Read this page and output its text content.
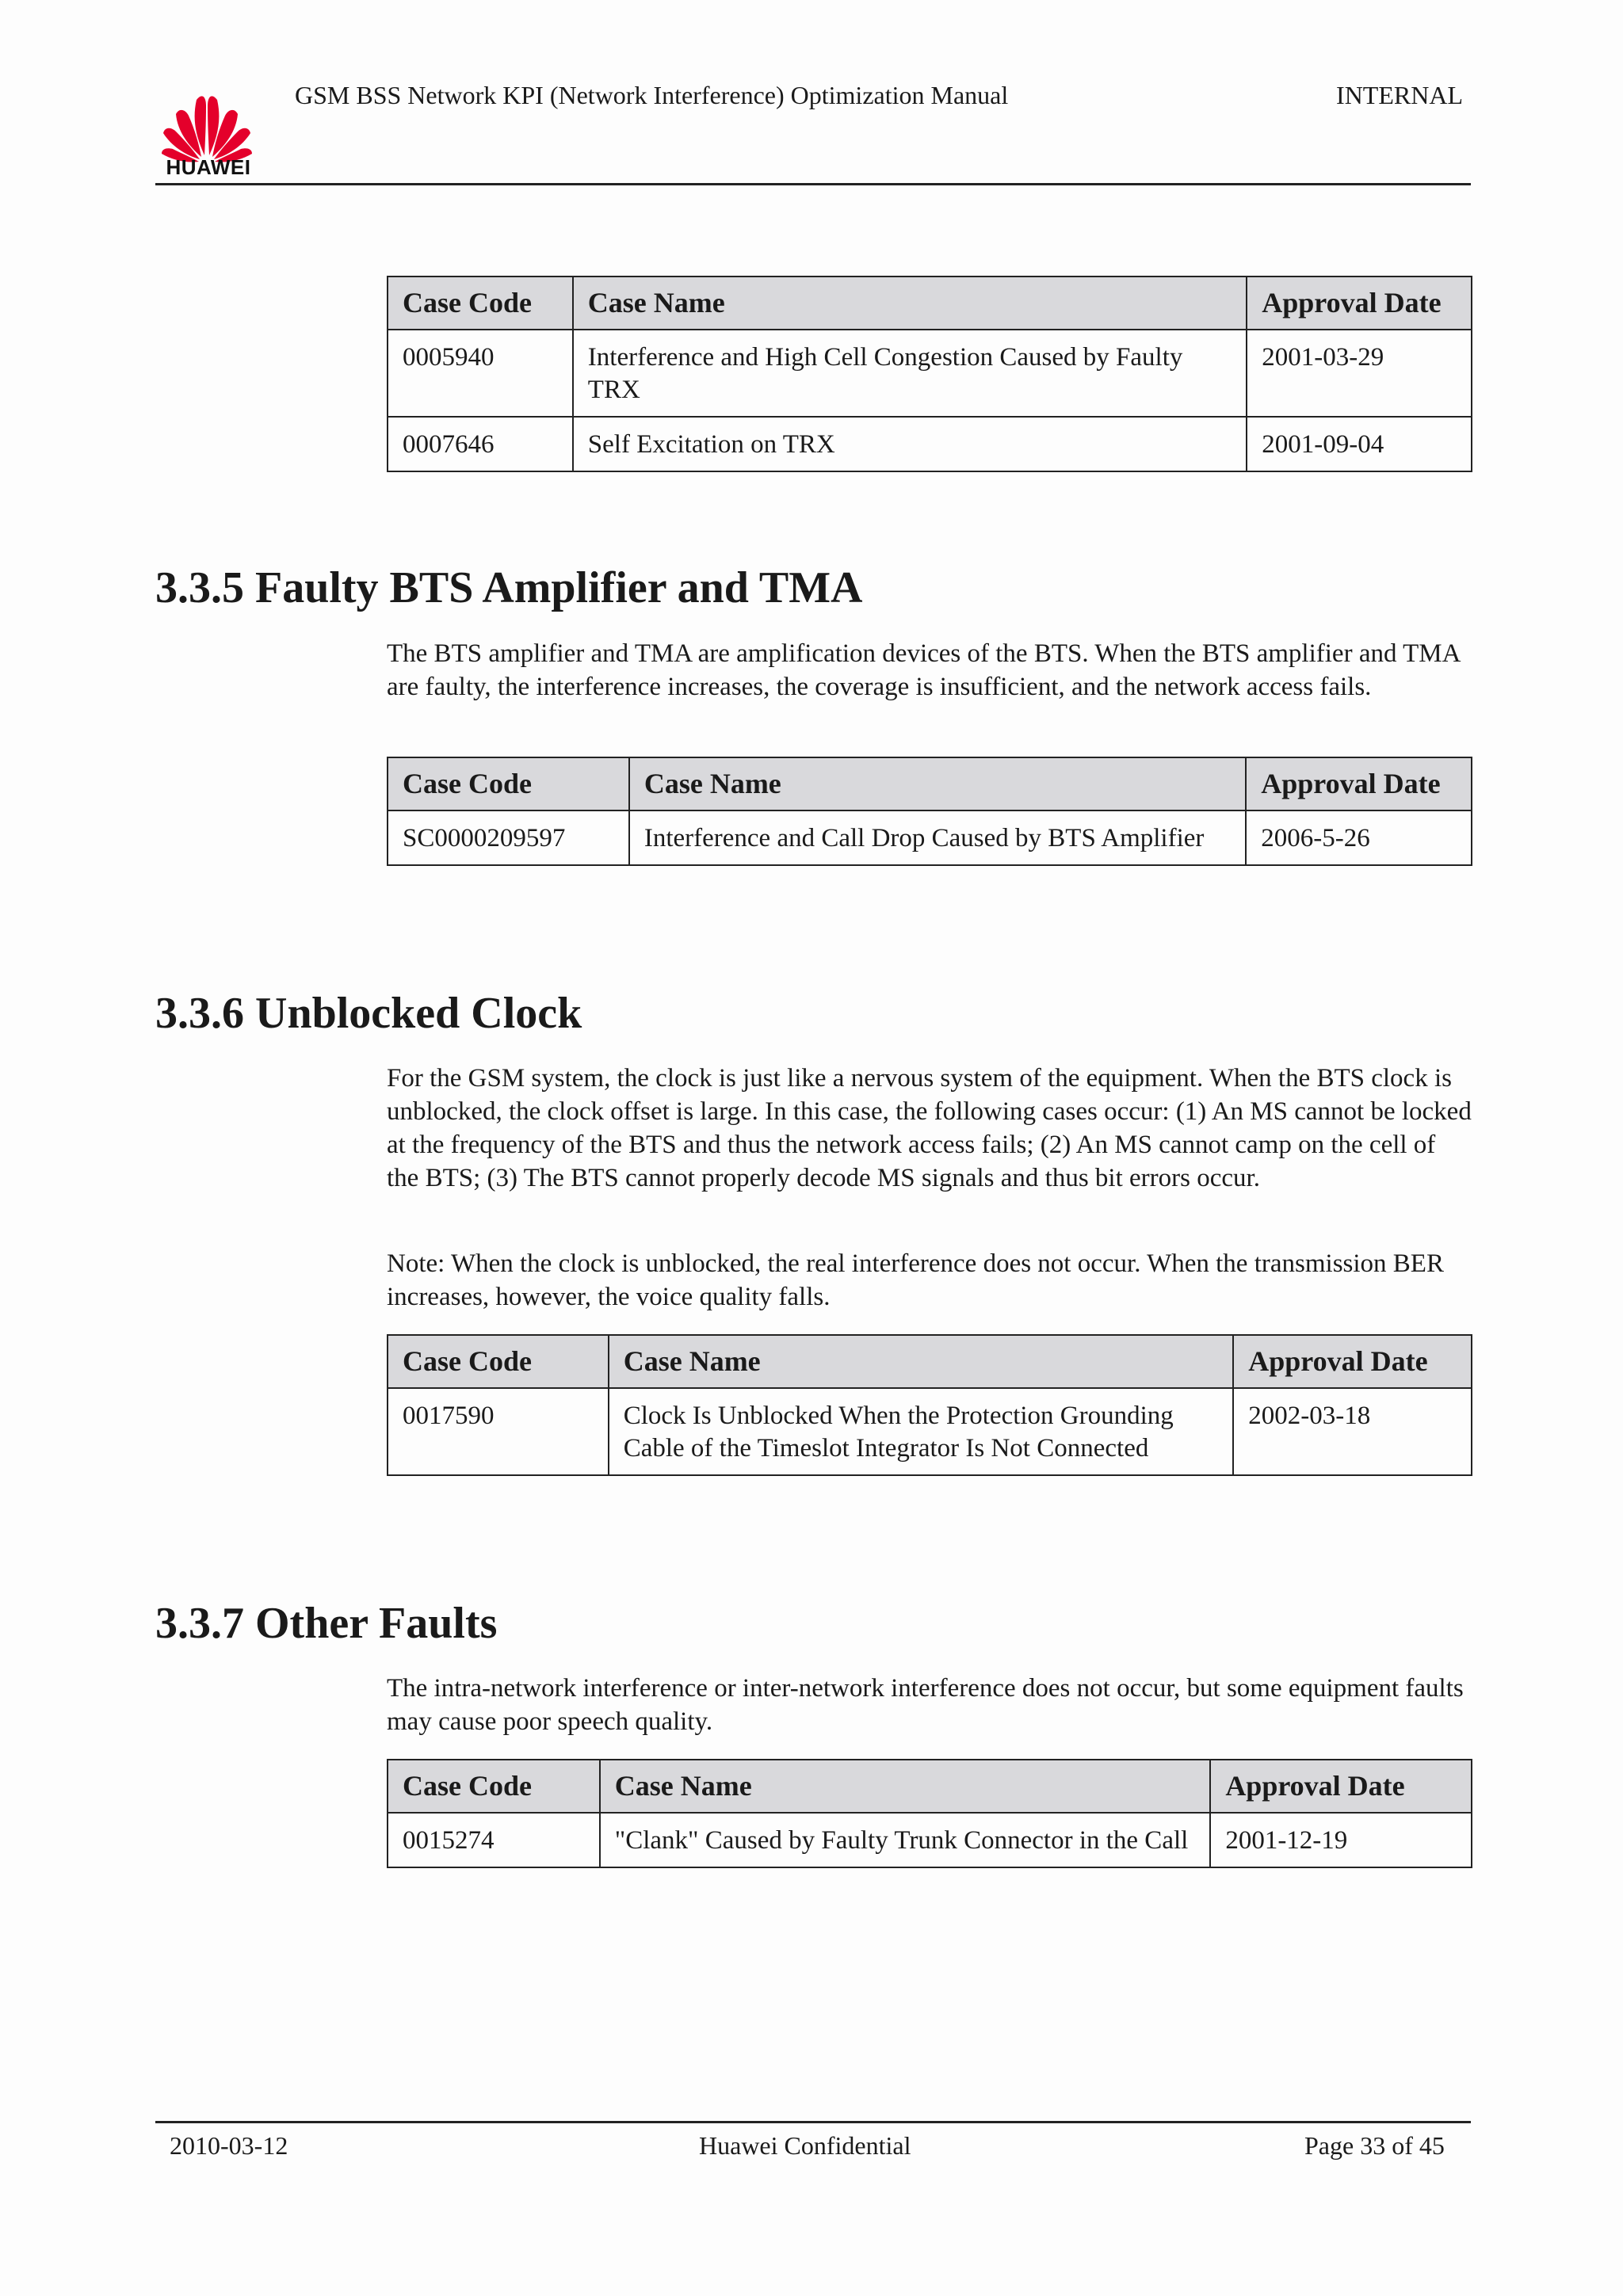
HUAWEI
GSM BSS Network KPI (Network Interference) Optimization Manual	INTERNAL
Case Code	Case Name	Approval Date
0005940	Interference and High Cell Congestion Caused by Faulty TRX	2001-03-29
0007646	Self Excitation on TRX	2001-09-04
3.3.5 Faulty BTS Amplifier and TMA

The BTS amplifier and TMA are amplification devices of the BTS. When the BTS amplifier and TMA are faulty, the interference increases, the coverage is insufficient, and the network access fails.

Case Code	Case Name	Approval Date
SC0000209597	Interference and Call Drop Caused by BTS Amplifier	2006-5-26
3.3.6 Unblocked Clock

For the GSM system, the clock is just like a nervous system of the equipment. When the BTS clock is unblocked, the clock offset is large. In this case, the following cases occur: (1) An MS cannot be locked at the frequency of the BTS and thus the network access fails; (2) An MS cannot camp on the cell of the BTS; (3) The BTS cannot properly decode MS signals and thus bit errors occur.

Note: When the clock is unblocked, the real interference does not occur. When the transmission BER increases, however, the voice quality falls.

Case Code	Case Name	Approval Date
0017590	Clock Is Unblocked When the Protection Grounding Cable of the Timeslot Integrator Is Not Connected	2002-03-18
3.3.7 Other Faults

The intra-network interference or inter-network interference does not occur, but some equipment faults may cause poor speech quality.

Case Code	Case Name	Approval Date
0015274	"Clank" Caused by Faulty Trunk Connector in the Call	2001-12-19
2010-03-12	Huawei Confidential	Page 33 of 45
